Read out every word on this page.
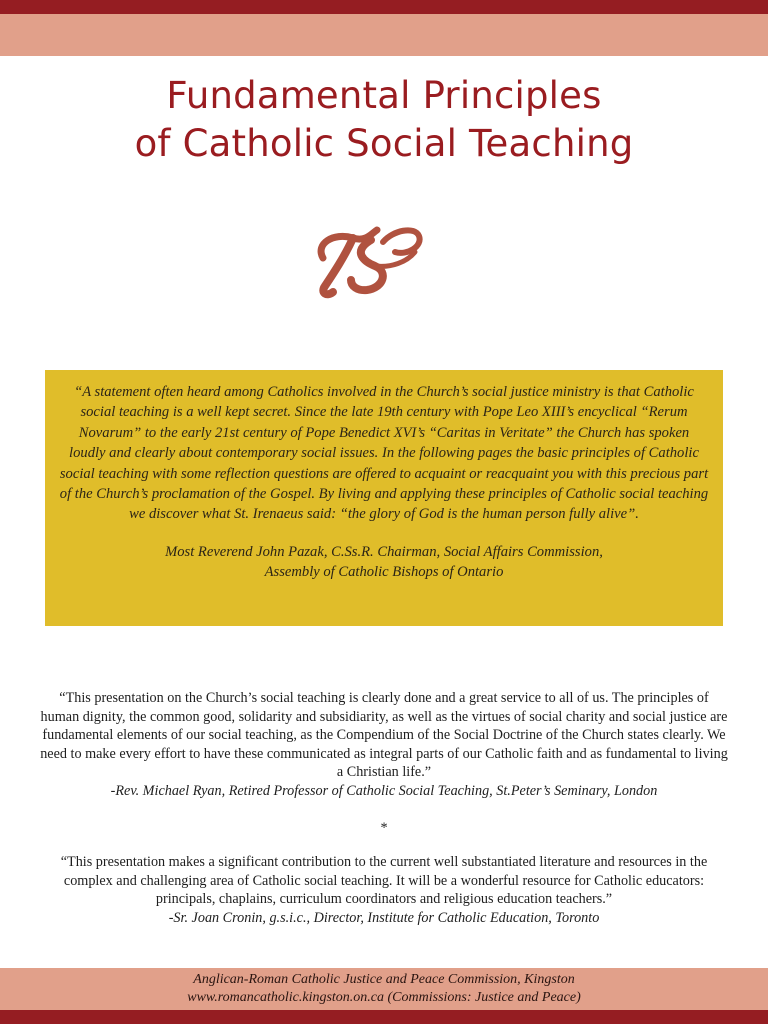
Fundamental Principles
of Catholic Social Teaching

“A statement often heard among Catholics involved in the Church’s social justice ministry is that Catholic social teaching is a well kept secret. Since the late 19th century with Pope Leo XIII’s encyclical “Rerum Novarum” to the early 21st century of Pope Benedict XVI’s “Caritas in Veritate” the Church has spoken loudly and clearly about contemporary social issues. In the following pages the basic principles of Catholic social teaching with some reflection questions are offered to acquaint or reacquaint you with this precious part of the Church’s proclamation of the Gospel. By living and applying these principles of Catholic social teaching we discover what St. Irenaeus said: “the glory of God is the human person fully alive”.

Most Reverend John Pazak, C.Ss.R. Chairman, Social Affairs Commission,
Assembly of Catholic Bishops of Ontario

“This presentation on the Church’s social teaching is clearly done and a great service to all of us. The principles of human dignity, the common good, solidarity and subsidiarity, as well as the virtues of social charity and social justice are fundamental elements of our social teaching, as the Compendium of the Social Doctrine of the Church states clearly. We need to make every effort to have these communicated as integral parts of our Catholic faith and as fundamental to living a Christian life.”

-Rev. Michael Ryan, Retired Professor of Catholic Social Teaching, St.Peter’s Seminary, London

*

“This presentation makes a significant contribution to the current well substantiated literature and resources in the complex and challenging area of Catholic social teaching. It will be a wonderful resource for Catholic educators: principals, chaplains, curriculum coordinators and religious education teachers.”

-Sr. Joan Cronin, g.s.i.c., Director, Institute for Catholic Education, Toronto

Anglican-Roman Catholic Justice and Peace Commission, Kingston
www.romancatholic.kingston.on.ca (Commissions: Justice and Peace)
